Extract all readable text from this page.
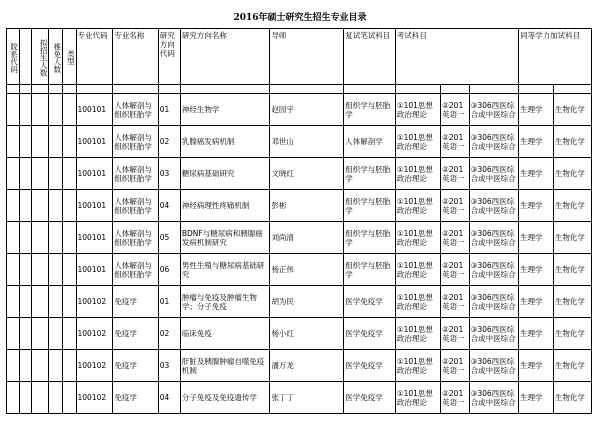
2016年硕士研究生招生专业目录
院系代码		拟招生人数	推免人数	类型	专业代码	专业名称	研究方向代码	研究方向名称	导师	复试笔试科目	考试科目			同等学力加试科目	

					100101	人体解剖与组织胚胎学	01	神经生物学	赵园宇	组织学与胚胎学	①101思想政治理论	②201英语一	③306西医综合或中医综合	生理学	生物化学
					100101	人体解剖与组织胚胎学	02	乳腺癌发病机制	邓世山	人体解剖学	①101思想政治理论	②201英语一	③306西医综合或中医综合	生理学	生物化学
					100101	人体解剖与组织胚胎学	03	糖尿病基础研究	文晓红	组织学与胚胎学	①101思想政治理论	②201英语一	③306西医综合或中医综合	生理学	生物化学
					100101	人体解剖与组织胚胎学	04	神经病理性疼痛机制	彭彬	组织学与胚胎学	①101思想政治理论	②201英语一	③306西医综合或中医综合	生理学	生物化学
					100101	人体解剖与组织胚胎学	05	BDNF与糖尿病和胰腺癌发病机制研究	刘尚清	组织学与胚胎学	①101思想政治理论	②201英语一	③306西医综合或中医综合	生理学	生物化学
					100101	人体解剖与组织胚胎学	06	男性生殖与糖尿病基础研究	杨正伟	组织学与胚胎学	①101思想政治理论	②201英语一	③306西医综合或中医综合	生理学	生物化学
					100102	免疫学	01	肿瘤与免疫及肿瘤生物学；分子免疫	胡为民	医学免疫学	①101思想政治理论	②201英语一	③306西医综合或中医综合	生理学	生物化学
					100102	免疫学	02	临床免疫	杨小红	医学免疫学	①101思想政治理论	②201英语一	③306西医综合或中医综合	生理学	生物化学
					100102	免疫学	03	肝脏及胰腺肿瘤自噬免疫机制	潘万龙	医学免疫学	①101思想政治理论	②201英语一	③306西医综合或中医综合	生理学	生物化学
					100102	免疫学	04	分子免疫及免疫遗传学	张丁丁	医学免疫学	①101思想政治理论	②201英语一	③306西医综合或中医综合	生理学	生物化学
